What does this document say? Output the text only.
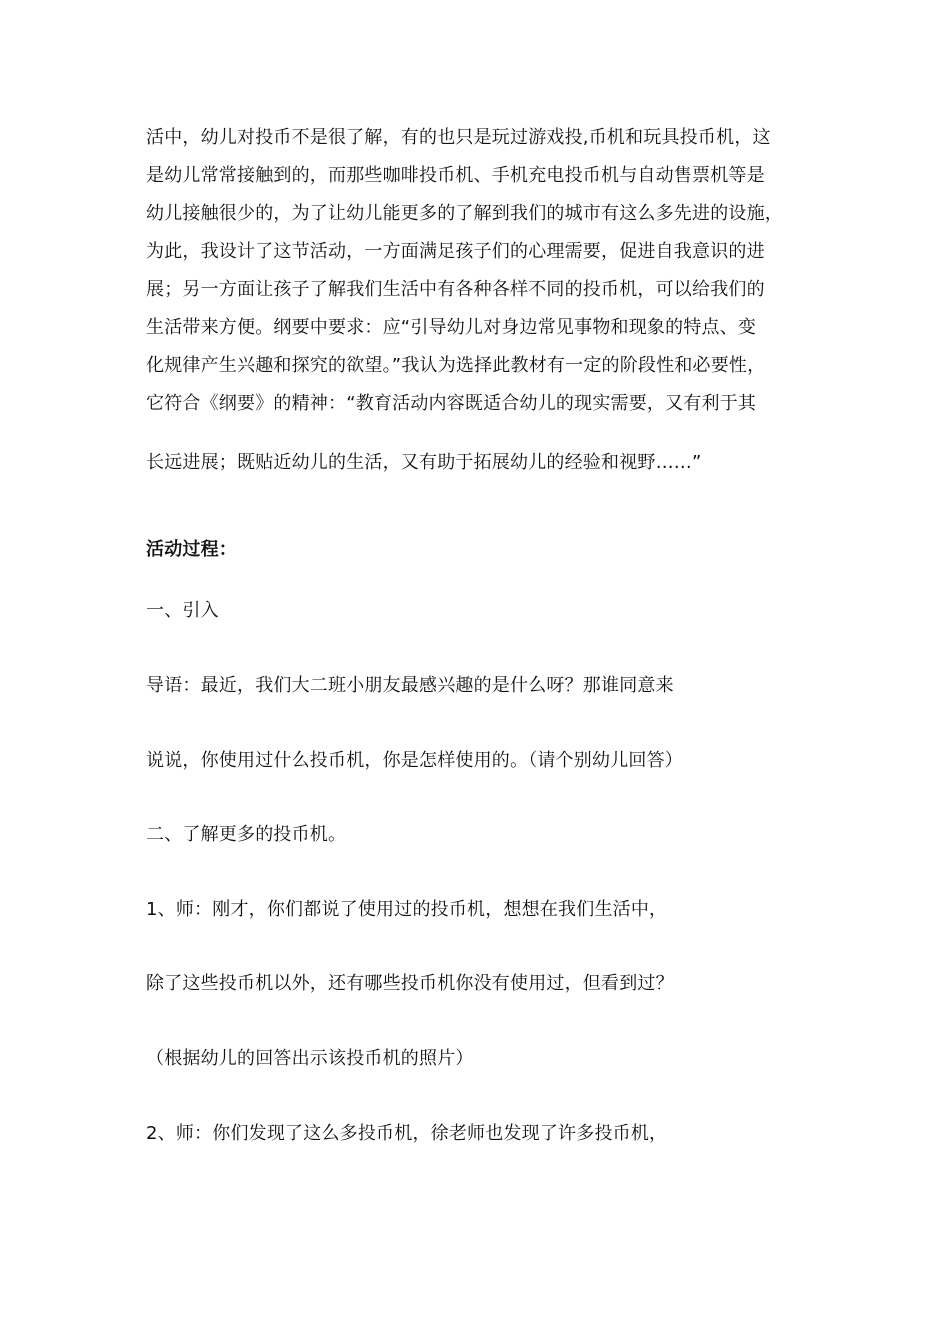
活中，幼儿对投币不是很了解，有的也只是玩过游戏投,币机和玩具投币机，这
是幼儿常常接触到的，而那些咖啡投币机、手机充电投币机与自动售票机等是
幼儿接触很少的，为了让幼儿能更多的了解到我们的城市有这么多先进的设施，
为此，我设计了这节活动，一方面满足孩子们的心理需要，促进自我意识的进
展；另一方面让孩子了解我们生活中有各种各样不同的投币机，可以给我们的
生活带来方便。纲要中要求：应“引导幼儿对身边常见事物和现象的特点、变
化规律产生兴趣和探究的欲望。”我认为选择此教材有一定的阶段性和必要性，
它符合《纲要》的精神：“教育活动内容既适合幼儿的现实需要，又有利于其
长远进展；既贴近幼儿的生活，又有助于拓展幼儿的经验和视野……”
活动过程：
一、引入
导语：最近，我们大二班小朋友最感兴趣的是什么呀？那谁同意来
说说，你使用过什么投币机，你是怎样使用的。（请个别幼儿回答）
二、了解更多的投币机。
1、师：刚才，你们都说了使用过的投币机，想想在我们生活中，
除了这些投币机以外，还有哪些投币机你没有使用过，但看到过？
（根据幼儿的回答出示该投币机的照片）
2、师：你们发现了这么多投币机，徐老师也发现了许多投币机，
